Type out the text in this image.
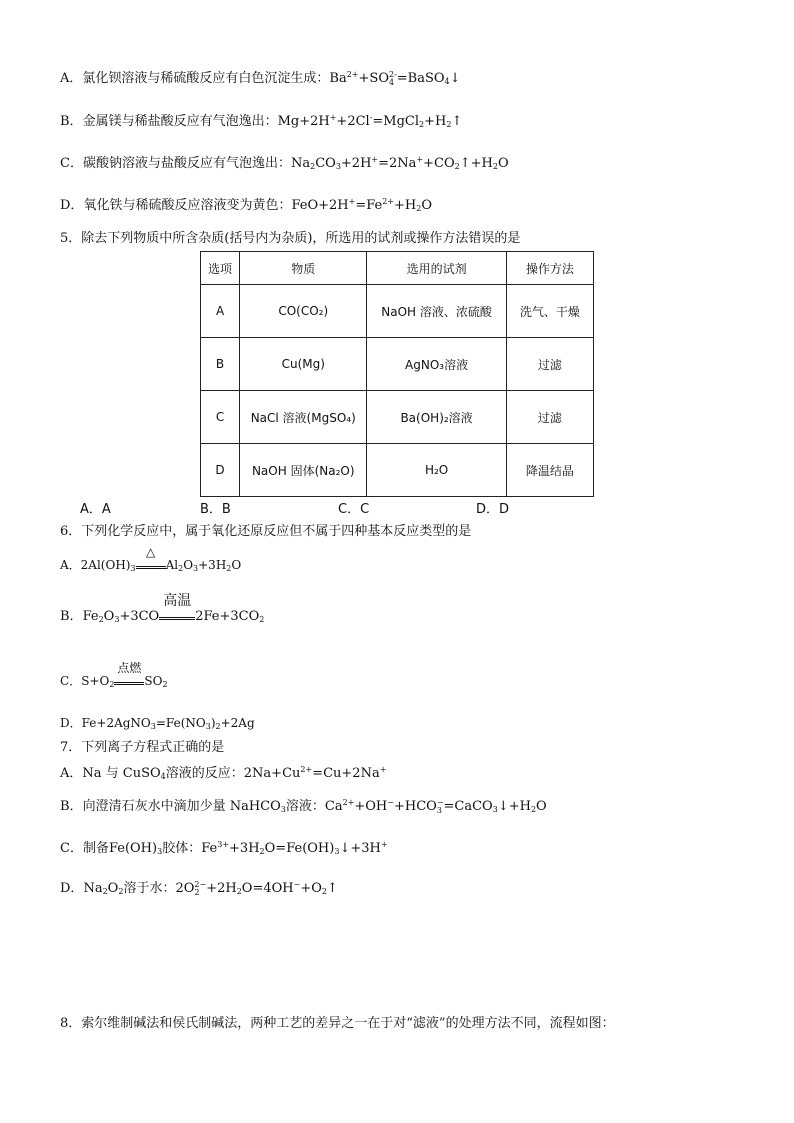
A．氯化钡溶液与稀硫酸反应有白色沉淀生成：$Ba^{2+}+SO$ 2-
4 =BaSO$_4$↓
B．金属镁与稀盐酸反应有气泡逸出：$Mg+2H^++2Cl^-=MgCl_2+H_2↑$
C．碳酸钠溶液与盐酸反应有气泡逸出：$Na_2CO_3+2H^+=2Na^++CO_2↑+H_2O$
D．氧化铁与稀硫酸反应溶液变为黄色：$FeO+2H^+=Fe^{2+}+H_2O$
5．除去下列物质中所含杂质(括号内为杂质)，所选用的试剂或操作方法错误的是
选项	物质	选用的试剂	操作方法
A	CO(CO₂)	NaOH 溶液、浓硫酸	洗气、干燥
B	Cu(Mg)	AgNO₃溶液	过滤
C	NaCl 溶液(MgSO₄)	Ba(OH)₂溶液	过滤
D	NaOH 固体(Na₂O)	H₂O	降温结晶
A．A	B．B	C．C	D．D
6．下列化学反应中，属于氧化还原反应但不属于四种基本反应类型的是
A．$2Al(OH)_3$
△
$Al_2O_3+3H_2O$
B．$Fe_2O_3+3CO$
高温
$2Fe+3CO_2$
C．$S+O_2$
点燃
$SO_2$
D．$Fe+2AgNO_3=Fe(NO_3)_2+2Ag$
7．下列离子方程式正确的是
A．Na 与 CuSO$_4$溶液的反应：$2Na+Cu^{2+}=Cu+2Na^+$
B．向澄清石灰水中滴加少量 NaHCO$_3$溶液：$Ca^{2+}+OH^-+HCO$ −
$3 =CaCO_3↓+H_2O$
C．制备$Fe(OH)_3$胶体：$Fe^{3+}+3H_2O=Fe(OH)_3↓+3H^+$
D．$Na_2O_2$溶于水：2O 2−
$2 +2H_2O=4OH^-+O_2↑$
8．索尔维制碱法和侯氏制碱法，两种工艺的差异之一在于对“滤液”的处理方法不同，流程如图：
